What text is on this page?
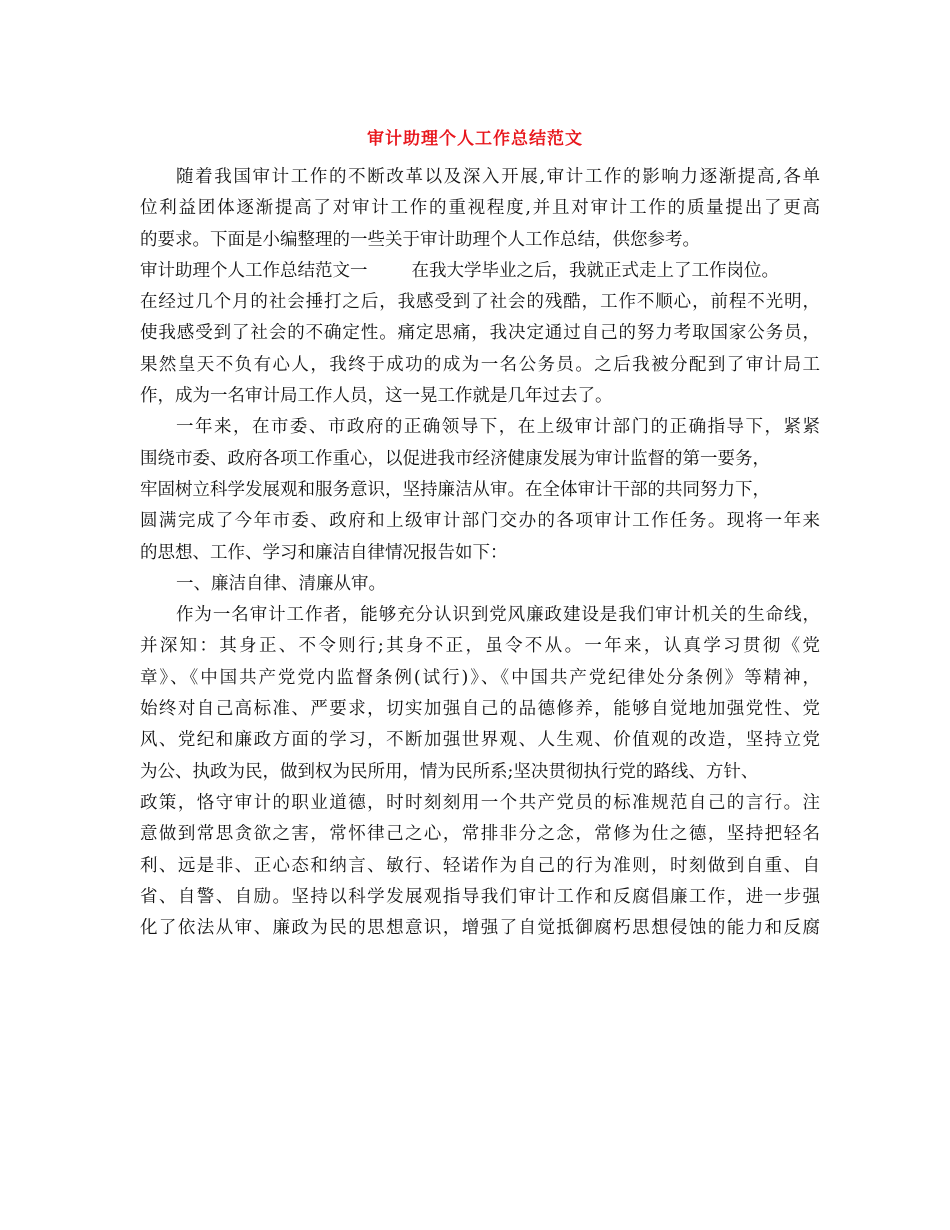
审计助理个人工作总结范文
随着我国审计工作的不断改革以及深入开展,审计工作的影响力逐渐提高,各单
位利益团体逐渐提高了对审计工作的重视程度,并且对审计工作的质量提出了更高
的要求。下面是小编整理的一些关于审计助理个人工作总结，供您参考。
审计助理个人工作总结范文一	在我大学毕业之后，我就正式走上了工作岗位。
在经过几个月的社会捶打之后，我感受到了社会的残酷，工作不顺心，前程不光明，
使我感受到了社会的不确定性。痛定思痛，我决定通过自己的努力考取国家公务员，
果然皇天不负有心人，我终于成功的成为一名公务员。之后我被分配到了审计局工
作，成为一名审计局工作人员，这一晃工作就是几年过去了。
一年来，在市委、市政府的正确领导下，在上级审计部门的正确指导下，紧紧
围绕市委、政府各项工作重心，以促进我市经济健康发展为审计监督的第一要务，
牢固树立科学发展观和服务意识，坚持廉洁从审。在全体审计干部的共同努力下，
圆满完成了今年市委、政府和上级审计部门交办的各项审计工作任务。现将一年来
的思想、工作、学习和廉洁自律情况报告如下：
一、廉洁自律、清廉从审。
作为一名审计工作者，能够充分认识到党风廉政建设是我们审计机关的生命线，
并深知：其身正、不令则行;其身不正，虽令不从。一年来，认真学习贯彻《党
章》、《中国共产党党内监督条例(试行)》、《中国共产党纪律处分条例》等精神，
始终对自己高标准、严要求，切实加强自己的品德修养，能够自觉地加强党性、党
风、党纪和廉政方面的学习，不断加强世界观、人生观、价值观的改造，坚持立党
为公、执政为民，做到权为民所用，情为民所系;坚决贯彻执行党的路线、方针、
政策，恪守审计的职业道德，时时刻刻用一个共产党员的标准规范自己的言行。注
意做到常思贪欲之害，常怀律己之心，常排非分之念，常修为仕之德，坚持把轻名
利、远是非、正心态和纳言、敏行、轻诺作为自己的行为准则，时刻做到自重、自
省、自警、自励。坚持以科学发展观指导我们审计工作和反腐倡廉工作，进一步强
化了依法从审、廉政为民的思想意识，增强了自觉抵御腐朽思想侵蚀的能力和反腐
